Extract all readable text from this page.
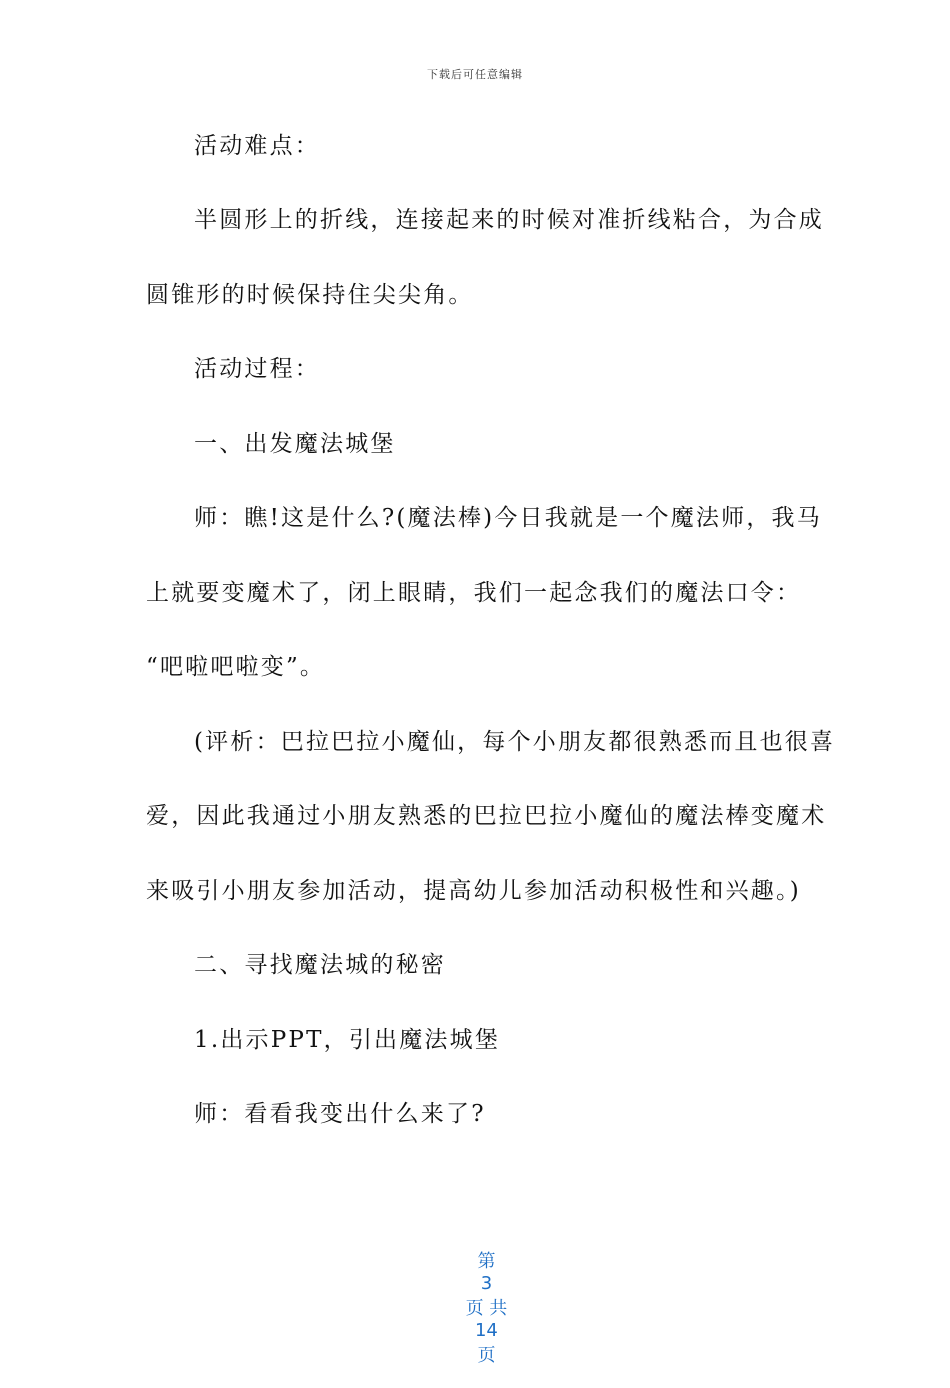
下载后可任意编辑
活动难点：
半圆形上的折线，连接起来的时候对准折线粘合，为合成
圆锥形的时候保持住尖尖角。
活动过程：
一、出发魔法城堡
师：瞧!这是什么?(魔法棒)今日我就是一个魔法师，我马
上就要变魔术了，闭上眼睛，我们一起念我们的魔法口令：
“吧啦吧啦变”。
(评析：巴拉巴拉小魔仙，每个小朋友都很熟悉而且也很喜
爱，因此我通过小朋友熟悉的巴拉巴拉小魔仙的魔法棒变魔术
来吸引小朋友参加活动，提高幼儿参加活动积极性和兴趣。)
二、寻找魔法城的秘密
1.出示PPT，引出魔法城堡
师：看看我变出什么来了?

第
3
页 共
14
页
